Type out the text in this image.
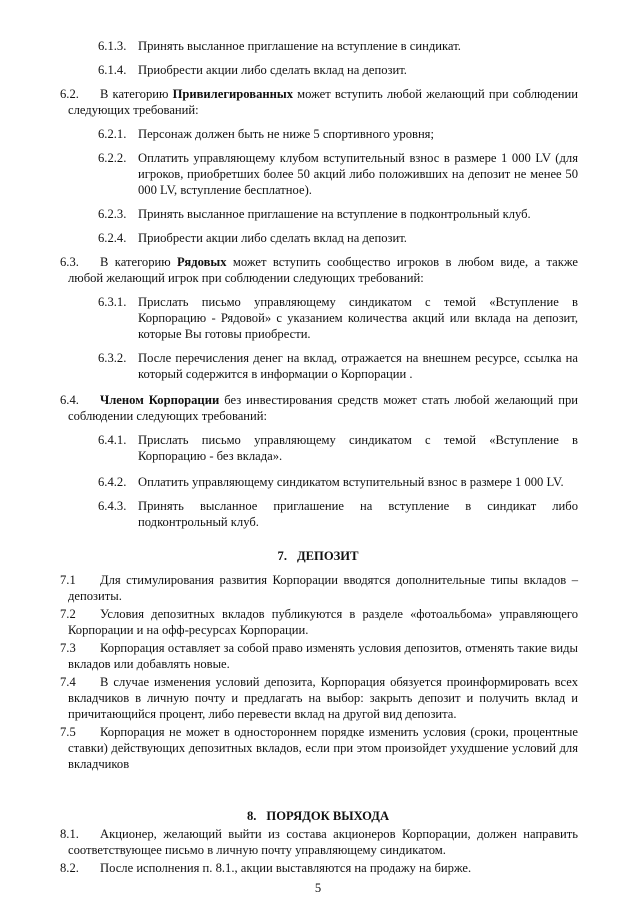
6.1.3. Принять высланное приглашение на вступление в синдикат.
6.1.4. Приобрести акции либо сделать вклад на депозит.
6.2.	В категорию Привилегированных может вступить любой желающий при соблюдении следующих требований:
6.2.1. Персонаж должен быть не ниже 5 спортивного уровня;
6.2.2. Оплатить управляющему клубом вступительный взнос в размере 1 000 LV (для игроков, приобретших более 50 акций либо положивших на депозит не менее 50 000 LV, вступление бесплатное).
6.2.3. Принять высланное приглашение на вступление в подконтрольный клуб.
6.2.4. Приобрести акции либо сделать вклад на депозит.
6.3.	В категорию Рядовых может вступить сообщество игроков в любом виде, а также любой желающий игрок при соблюдении следующих требований:
6.3.1. Прислать письмо управляющему синдикатом с темой «Вступление в Корпорацию - Рядовой» с указанием количества акций или вклада на депозит, которые Вы готовы приобрести.
6.3.2. После перечисления денег на вклад, отражается на внешнем ресурсе, ссылка на который содержится в информации о Корпорации .
6.4.	Членом Корпорации без инвестирования средств может стать любой желающий при соблюдении следующих требований:
6.4.1. Прислать письмо управляющему синдикатом с темой «Вступление в Корпорацию - без вклада».
6.4.2. Оплатить управляющему синдикатом вступительный взнос в размере 1 000 LV.
6.4.3. Принять высланное приглашение на вступление в синдикат либо подконтрольный клуб.
7. ДЕПОЗИТ
7.1	Для стимулирования развития Корпорации вводятся дополнительные типы вкладов – депозиты.
7.2	Условия депозитных вкладов публикуются в разделе «фотоальбома» управляющего Корпорации и на офф-ресурсах Корпорации.
7.3	Корпорация оставляет за собой право изменять условия депозитов, отменять такие виды вкладов или добавлять новые.
7.4	В случае изменения условий депозита, Корпорация обязуется проинформировать всех вкладчиков в личную почту и предлагать на выбор: закрыть депозит и получить вклад и причитающийся процент, либо перевести вклад на другой вид депозита.
7.5	Корпорация не может в одностороннем порядке изменить условия (сроки, процентные ставки) действующих депозитных вкладов, если при этом произойдет ухудшение условий для вкладчиков
8. ПОРЯДОК ВЫХОДА
8.1.	Акционер, желающий выйти из состава акционеров Корпорации, должен направить соответствующее письмо в личную почту управляющему синдикатом.
8.2.	После исполнения п. 8.1., акции выставляются на продажу на бирже.
5
